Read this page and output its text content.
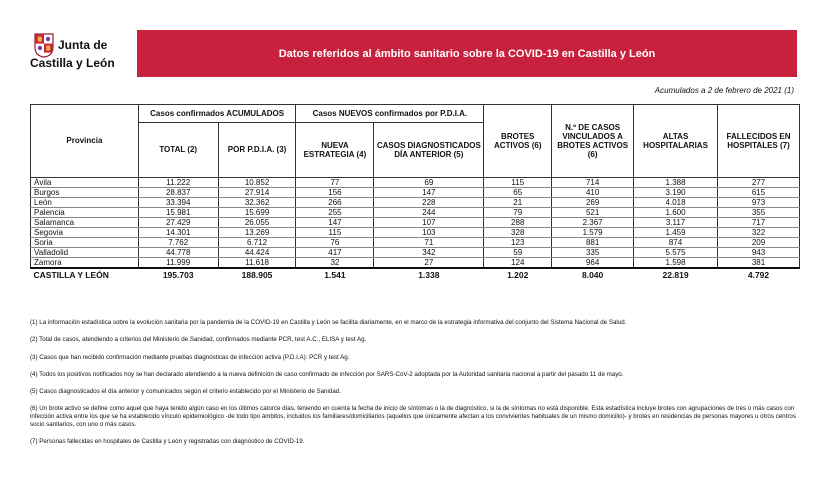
Junta de
Castilla y León
Datos referidos al ámbito sanitario sobre la COVID-19 en Castilla y León
Acumulados a 2 de febrero de 2021 (1)
Provincia	Casos confirmados ACUMULADOS		Casos NUEVOS confirmados por P.D.I.A.		BROTES ACTIVOS (6)	N.º DE CASOS VINCULADOS A BROTES ACTIVOS (6)	ALTAS HOSPITALARIAS	FALLECIDOS EN HOSPITALES (7)
	TOTAL (2)	POR P.D.I.A. (3)	NUEVA ESTRATEGIA (4)	CASOS DIAGNOSTICADOS DÍA ANTERIOR (5)				
Ávila	11.222	10.852	77	69	115	714	1.388	277
Burgos	28.837	27.914	156	147	65	410	3.190	615
León	33.394	32.362	266	228	21	269	4.018	973
Palencia	15.981	15.699	255	244	79	521	1.600	355
Salamanca	27.429	26.055	147	107	288	2.367	3.117	717
Segovia	14.301	13.269	115	103	328	1.579	1.459	322
Soria	7.762	6.712	76	71	123	881	874	209
Valladolid	44.778	44.424	417	342	59	335	5.575	943
Zamora	11.999	11.618	32	27	124	964	1.598	381
CASTILLA Y LEÓN	195.703	188.905	1.541	1.338	1.202	8.040	22.819	4.792

(1) La información estadística sobre la evolución sanitaria por la pandemia de la COVID-19 en Castilla y León se facilita diariamente, en el marco de la estrategia informativa del conjunto del Sistema Nacional de Salud.

(2) Total de casos, atendiendo a criterios del Ministerio de Sanidad, confirmados mediante PCR, test A.C., ELISA y test Ag.

(3) Casos que han recibido confirmación mediante pruebas diagnósticas de infección activa (P.D.I.A): PCR y test Ag.

(4) Todos los positivos notificados hoy se han declarado atendiendo a la nueva definición de caso confirmado de infección por SARS-CoV-2 adoptada por la Autoridad sanitaria nacional a partir del pasado 11 de mayo.

(5) Casos diagnosticados el día anterior y comunicados según el criterio establecido por el Ministerio de Sanidad.

(6) Un brote activo se define como aquel que haya tenido algún caso en los últimos catorce días, teniendo en cuenta la fecha de inicio de síntomas o la de diagnóstico, si la de síntomas no está disponible. Esta estadística incluye brotes con agrupaciones de tres o más casos con infección activa entre los que se ha establecido vínculo epidemiológico -de todo tipo ámbitos, incluidos los familiares/domiciliarios (aquellos que únicamente afectan a los convivientes habituales de un mismo domicilio)- y brotes en residencias de personas mayores u otros centros socio sanitarios, con uno o más casos.

(7) Personas fallecidas en hospitales de Castilla y León y registradas con diagnóstico de COVID-19.
